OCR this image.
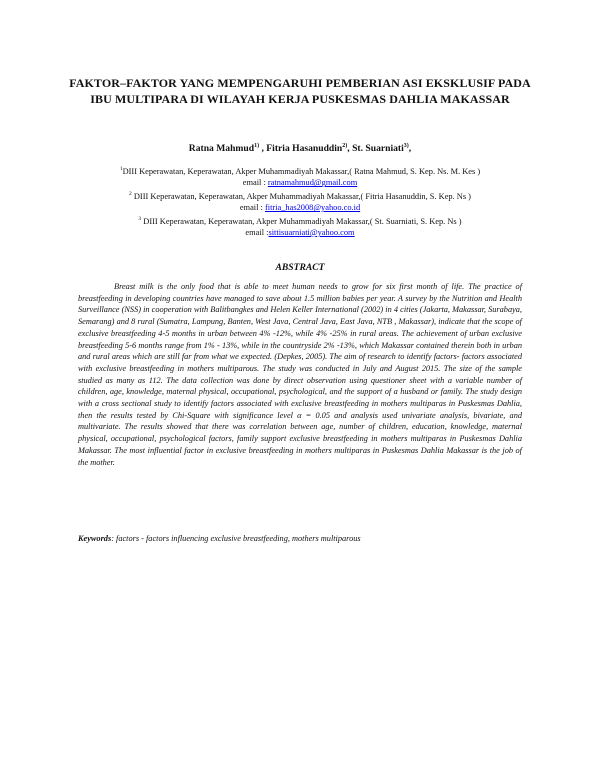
FAKTOR–FAKTOR YANG MEMPENGARUHI PEMBERIAN ASI EKSKLUSIF PADA
IBU MULTIPARA DI WILAYAH KERJA PUSKESMAS DAHLIA MAKASSAR
Ratna Mahmud$^{1)}$ , Fitria Hasanuddin$^{2)}$, St. Suarniati$^{3)}$,
$^1$DIII Keperawatan, Keperawatan, Akper Muhammadiyah Makassar,( Ratna Mahmud, S. Kep. Ns. M. Kes )
email : ratnamahmud@gmail.com
$^2$ DIII Keperawatan, Keperawatan, Akper Muhammadiyah Makassar,( Fitria Hasanuddin, S. Kep. Ns )
email : fitria_has2008@yahoo.co.id
$^3$ DIII Keperawatan, Keperawatan, Akper Muhammadiyah Makassar,( St. Suarniati, S. Kep. Ns )
email :sittisuarniati@yahoo.com
ABSTRACT
Breast milk is the only food that is able to meet human needs to grow for six first month of life. The practice of breastfeeding in developing countries have managed to save about 1.5 million babies per year. A survey by the Nutrition and Health Surveillance (NSS) in cooperation with Balitbangkes and Helen Keller International (2002) in 4 cities (Jakarta, Makassar, Surabaya, Semarang) and 8 rural (Sumatra, Lampung, Banten, West Java, Central Java, East Java, NTB , Makassar), indicate that the scope of exclusive breastfeeding 4-5 months in urban between 4% -12%, while 4% -25% in rural areas. The achievement of urban exclusive breastfeeding 5-6 months range from 1% - 13%, while in the countryside 2% -13%, which Makassar contained therein both in urban and rural areas which are still far from what we expected. (Depkes, 2005). The aim of research to identify factors- factors associated with exclusive breastfeeding in mothers multiparous. The study was conducted in July and August 2015. The size of the sample studied as many as 112. The data collection was done by direct observation using questioner sheet with a variable number of children, age, knowledge, maternal physical, occupational, psychological, and the support of a husband or family. The study design with a cross sectional study to identify factors associated with exclusive breastfeeding in mothers multiparas in Puskesmas Dahlia, then the results tested by Chi-Square with significance level α = 0.05 and analysis used univariate analysis, bivariate, and multivariate. The results showed that there was correlation between age, number of children, education, knowledge, maternal physical, occupational, psychological factors, family support exclusive breastfeeding in mothers multiparas in Puskesmas Dahlia Makassar. The most influential factor in exclusive breastfeeding in mothers multiparas in Puskesmas Dahlia Makassar is the job of the mother.
Keywords: factors - factors influencing exclusive breastfeeding, mothers multiparous
